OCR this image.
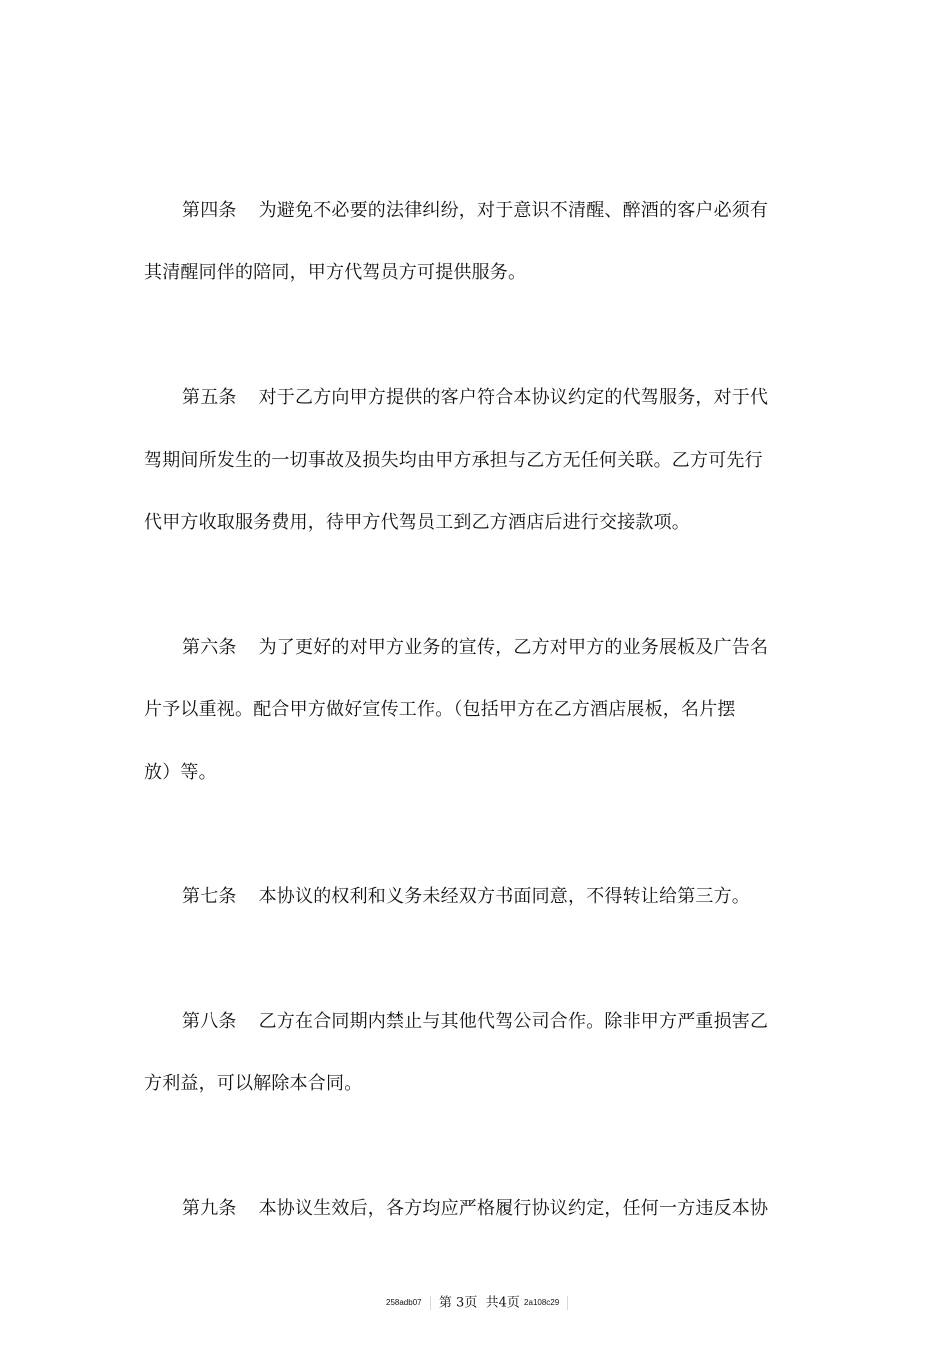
第四条 为避免不必要的法律纠纷，对于意识不清醒、醉酒的客户必须有
其清醒同伴的陪同，甲方代驾员方可提供服务。
第五条 对于乙方向甲方提供的客户符合本协议约定的代驾服务，对于代
驾期间所发生的一切事故及损失均由甲方承担与乙方无任何关联。乙方可先行
代甲方收取服务费用，待甲方代驾员工到乙方酒店后进行交接款项。
第六条 为了更好的对甲方业务的宣传，乙方对甲方的业务展板及广告名
片予以重视。配合甲方做好宣传工作。（包括甲方在乙方酒店展板，名片摆
放）等。
第七条 本协议的权利和义务未经双方书面同意，不得转让给第三方。
第八条 乙方在合同期内禁止与其他代驾公司合作。除非甲方严重损害乙
方利益，可以解除本合同。
第九条 本协议生效后，各方均应严格履行协议约定，任何一方违反本协
258adb07 第 3页 共4页 2a108c29
